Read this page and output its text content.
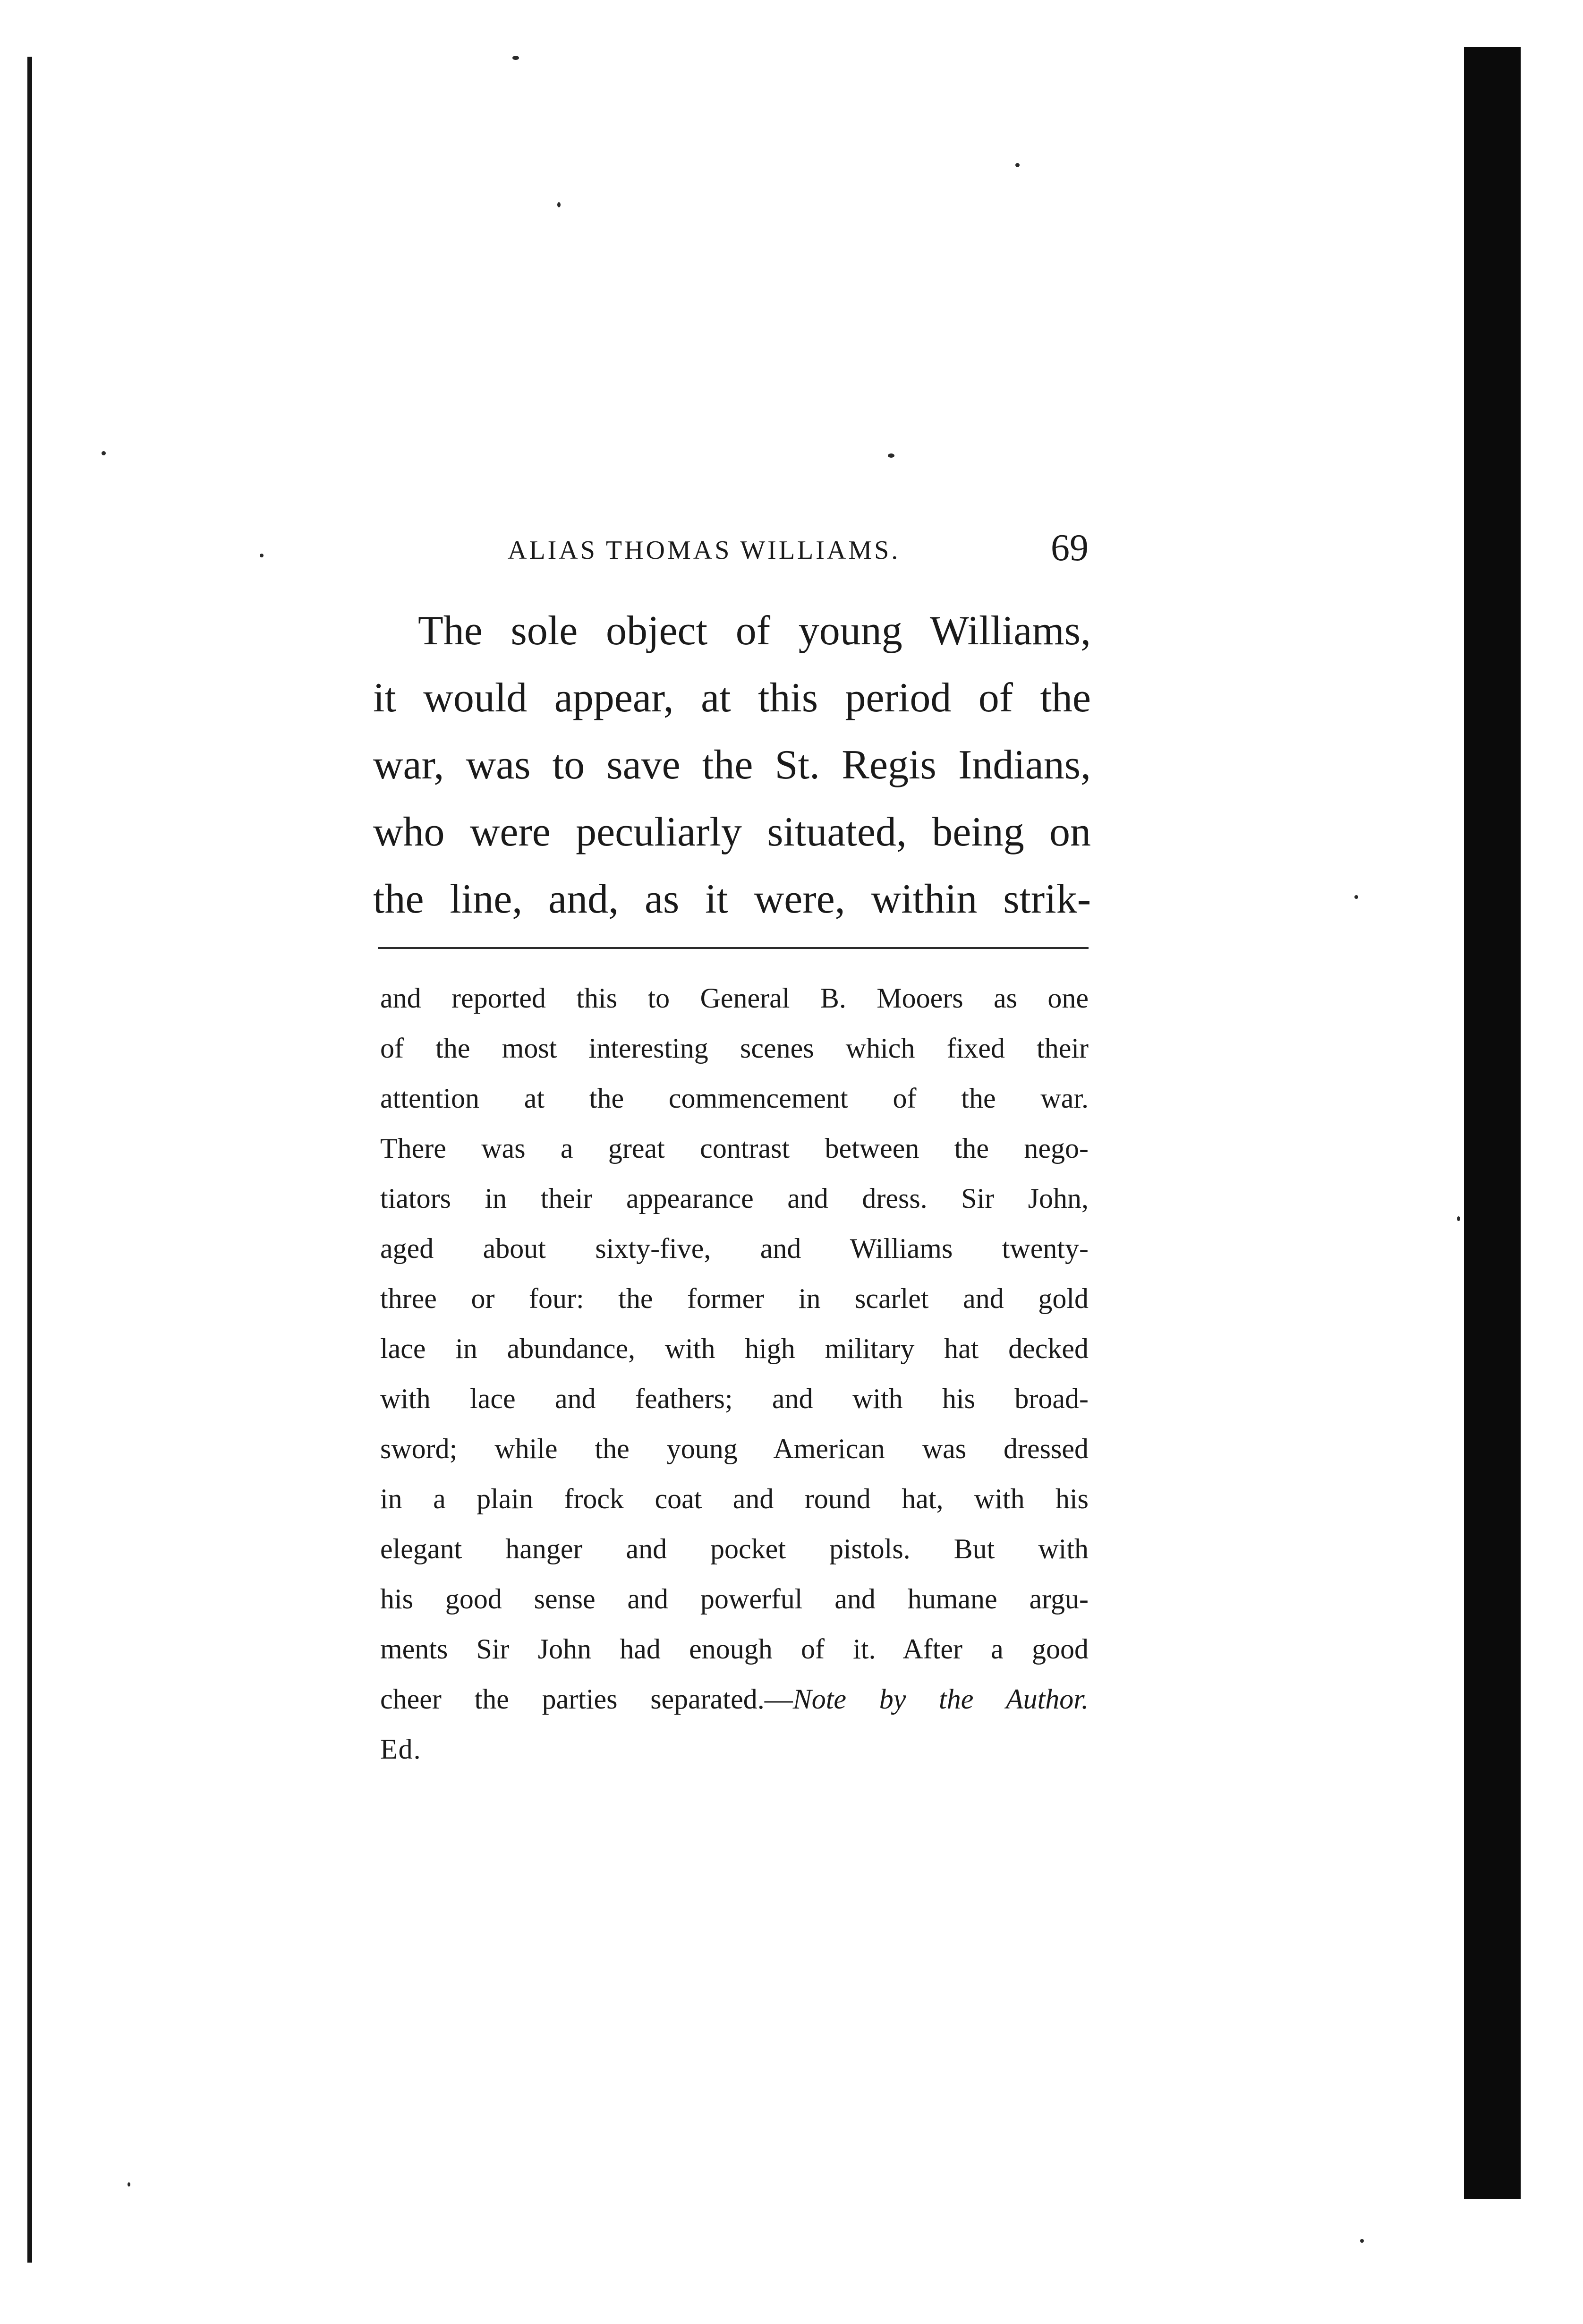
ALIAS THOMAS WILLIAMS.	69
The sole object of young Williams,
it would appear, at this period of the
war, was to save the St. Regis Indians,
who were peculiarly situated, being on
the line, and, as it were, within strik-
and reported this to General B. Mooers as one
of the most interesting scenes which fixed their
attention at the commencement of the war.
There was a great contrast between the nego-
tiators in their appearance and dress. Sir John,
aged about sixty-five, and Williams twenty-
three or four: the former in scarlet and gold
lace in abundance, with high military hat decked
with lace and feathers; and with his broad-
sword; while the young American was dressed
in a plain frock coat and round hat, with his
elegant hanger and pocket pistols. But with
his good sense and powerful and humane argu-
ments Sir John had enough of it. After a good
cheer the parties separated.—Note by the Author.
Ed.
